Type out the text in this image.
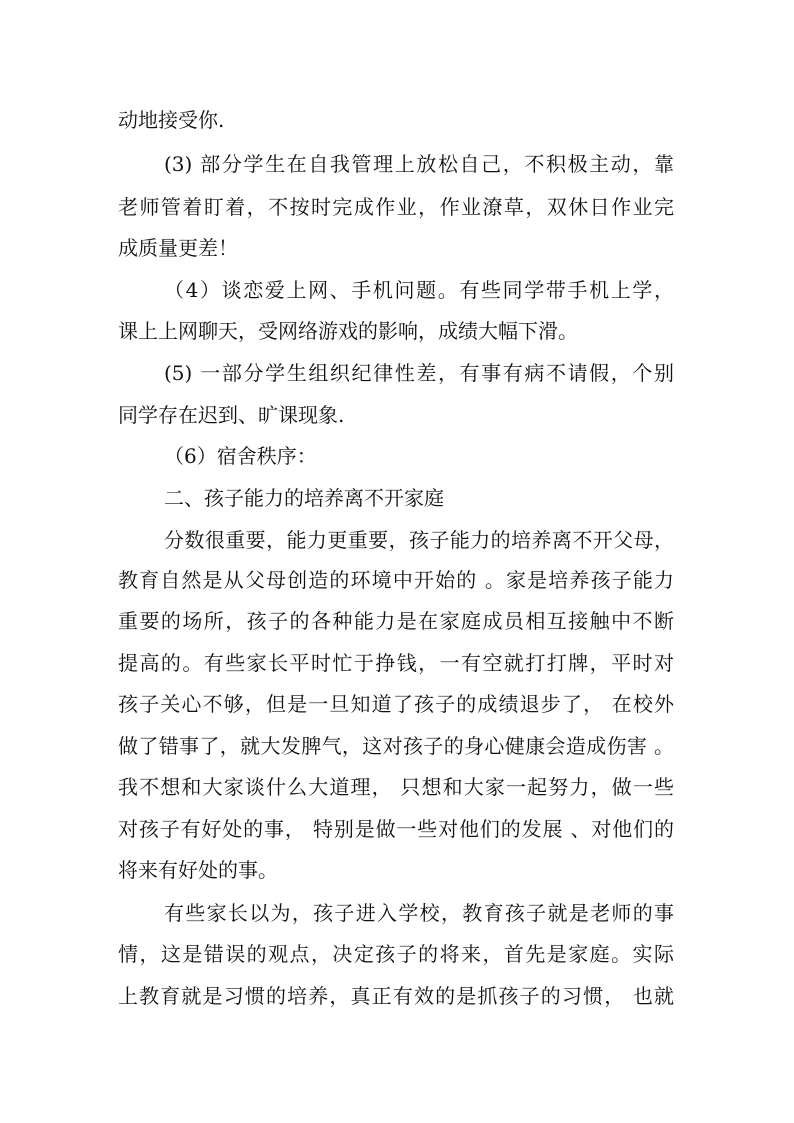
动地接受你.
(3) 部分学生在自我管理上放松自己，不积极主动，靠
老师管着盯着，不按时完成作业，作业潦草，双休日作业完
成质量更差！
（4）谈恋爱上网、手机问题。有些同学带手机上学，
课上上网聊天，受网络游戏的影响，成绩大幅下滑。
(5) 一部分学生组织纪律性差，有事有病不请假，个别
同学存在迟到、旷课现象.
（6）宿舍秩序：
二、孩子能力的培养离不开家庭
分数很重要，能力更重要，孩子能力的培养离不开父母，
教育自然是从父母创造的环境中开始的 。家是培养孩子能力
重要的场所，孩子的各种能力是在家庭成员相互接触中不断
提高的。有些家长平时忙于挣钱，一有空就打打牌，平时对
孩子关心不够，但是一旦知道了孩子的成绩退步了， 在校外
做了错事了，就大发脾气，这对孩子的身心健康会造成伤害 。
我不想和大家谈什么大道理， 只想和大家一起努力，做一些
对孩子有好处的事， 特别是做一些对他们的发展 、对他们的
将来有好处的事。
有些家长以为，孩子进入学校，教育孩子就是老师的事
情，这是错误的观点，决定孩子的将来，首先是家庭。实际
上教育就是习惯的培养，真正有效的是抓孩子的习惯， 也就
